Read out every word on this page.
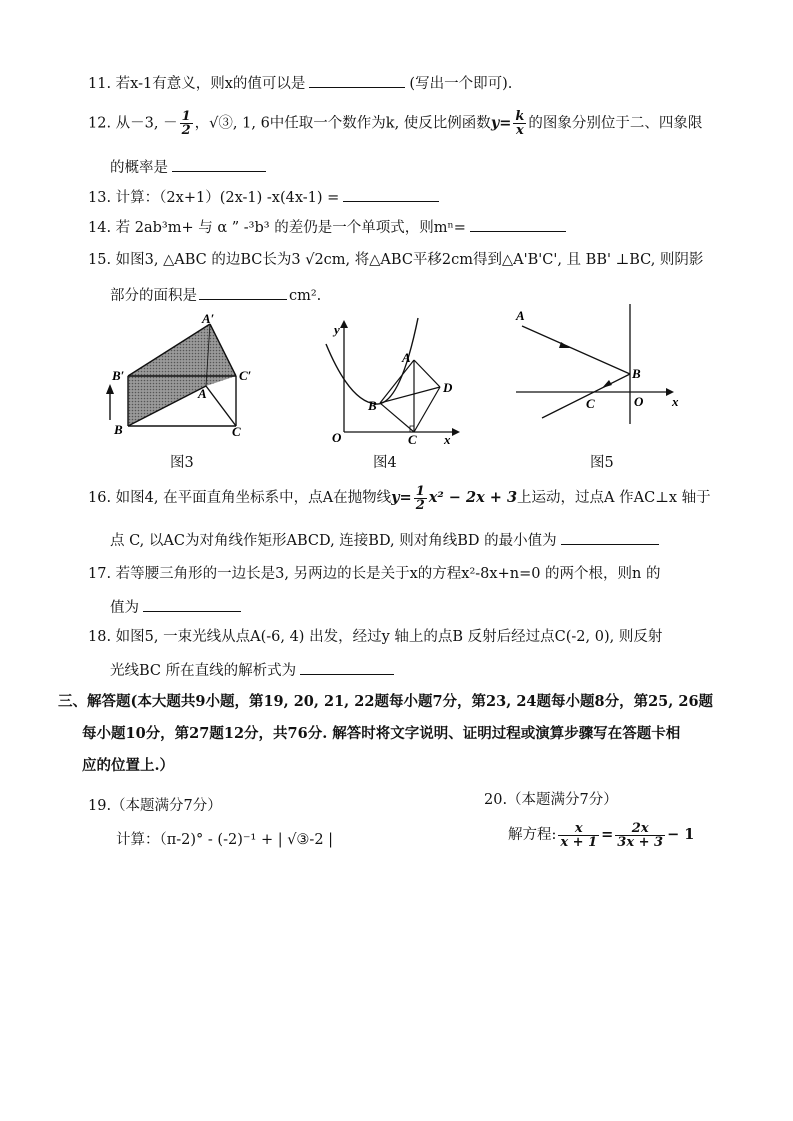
11. 若x-1有意义，则x的值可以是	(写出一个即可).
12. 从－3, － $\frac{1}{2}$ ，√③, 1, 6中任取一个数作为k, 使反比例函数$y= \frac{k}{x}$ 的图象分别位于二、四象限
的概率是
13. 计算：（2x+1）(2x-1) -x(4x-1) =
14. 若 2ab³m+ 与 α ” -³b³ 的差仍是一个单项式，则mⁿ=
15. 如图3, △ABC 的边BC长为3 √2cm, 将△ABC平移2cm得到△A'B'C', 且 BB' ⊥BC, 则阴影
部分的面积是	cm².
A′
B′	C′
A
B	C
图3
y
x
O
A
B
C
D
图4
A
B
C	O x
图5
16. 如图4, 在平面直角坐标系中，点A在抛物线$y= \frac{1}{2} x^2 - 2x + 3$上运动，过点A 作AC⊥x 轴于
点 C, 以AC为对角线作矩形ABCD, 连接BD, 则对角线BD 的最小值为
17. 若等腰三角形的一边长是3, 另两边的长是关于x的方程x²-8x+n=0 的两个根，则n 的
值为
18. 如图5, 一束光线从点A(-6, 4) 出发，经过y 轴上的点B 反射后经过点C(-2, 0), 则反射
光线BC 所在直线的解析式为
三、解答题(本大题共9小题，第19, 20, 21, 22题每小题7分，第23, 24题每小题8分，第25, 26题
每小题10分，第27题12分，共76分. 解答时将文字说明、证明过程或演算步骤写在答题卡相
应的位置上.）
19.（本题满分7分）
计算：（π-2)° - (-2)⁻¹ + | √③-2 |
20.（本题满分7分）
解方程: $\frac{x}{x + 1} = \frac{2x}{3x + 3} - 1$
